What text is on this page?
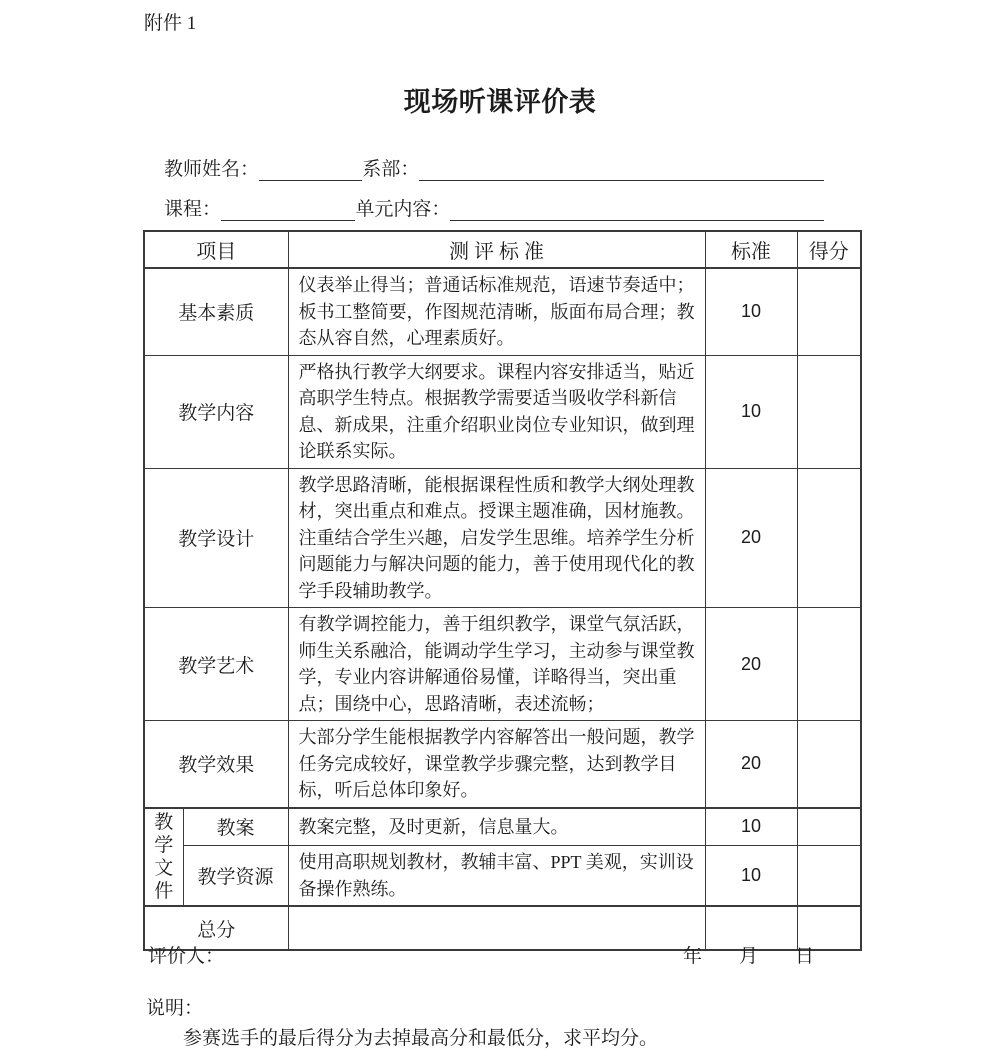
附件 1
现场听课评价表
教师姓名：	系部：
课程：	单元内容：
项目		测 评 标 准	标准	得分
基本素质		仪表举止得当；普通话标准规范，语速节奏适中；板书工整简要，作图规范清晰，版面布局合理；教态从容自然，心理素质好。	10	
教学内容		严格执行教学大纲要求。课程内容安排适当，贴近高职学生特点。根据教学需要适当吸收学科新信息、新成果，注重介绍职业岗位专业知识，做到理论联系实际。	10	
教学设计		教学思路清晰，能根据课程性质和教学大纲处理教材，突出重点和难点。授课主题准确，因材施教。注重结合学生兴趣，启发学生思维。培养学生分析问题能力与解决问题的能力，善于使用现代化的教学手段辅助教学。	20	
教学艺术		有教学调控能力，善于组织教学，课堂气氛活跃，师生关系融洽，能调动学生学习，主动参与课堂教学，专业内容讲解通俗易懂，详略得当，突出重点；围绕中心，思路清晰，表述流畅；	20	
教学效果		大部分学生能根据教学内容解答出一般问题，教学任务完成较好，课堂教学步骤完整，达到教学目标，听后总体印象好。	20	
教学文件	教案	教案完整，及时更新，信息量大。	10	
	教学资源	使用高职规划教材，教辅丰富、PPT 美观，实训设备操作熟练。	10	
总分				
评价人：	年 月 日
说明：
参赛选手的最后得分为去掉最高分和最低分，求平均分。
